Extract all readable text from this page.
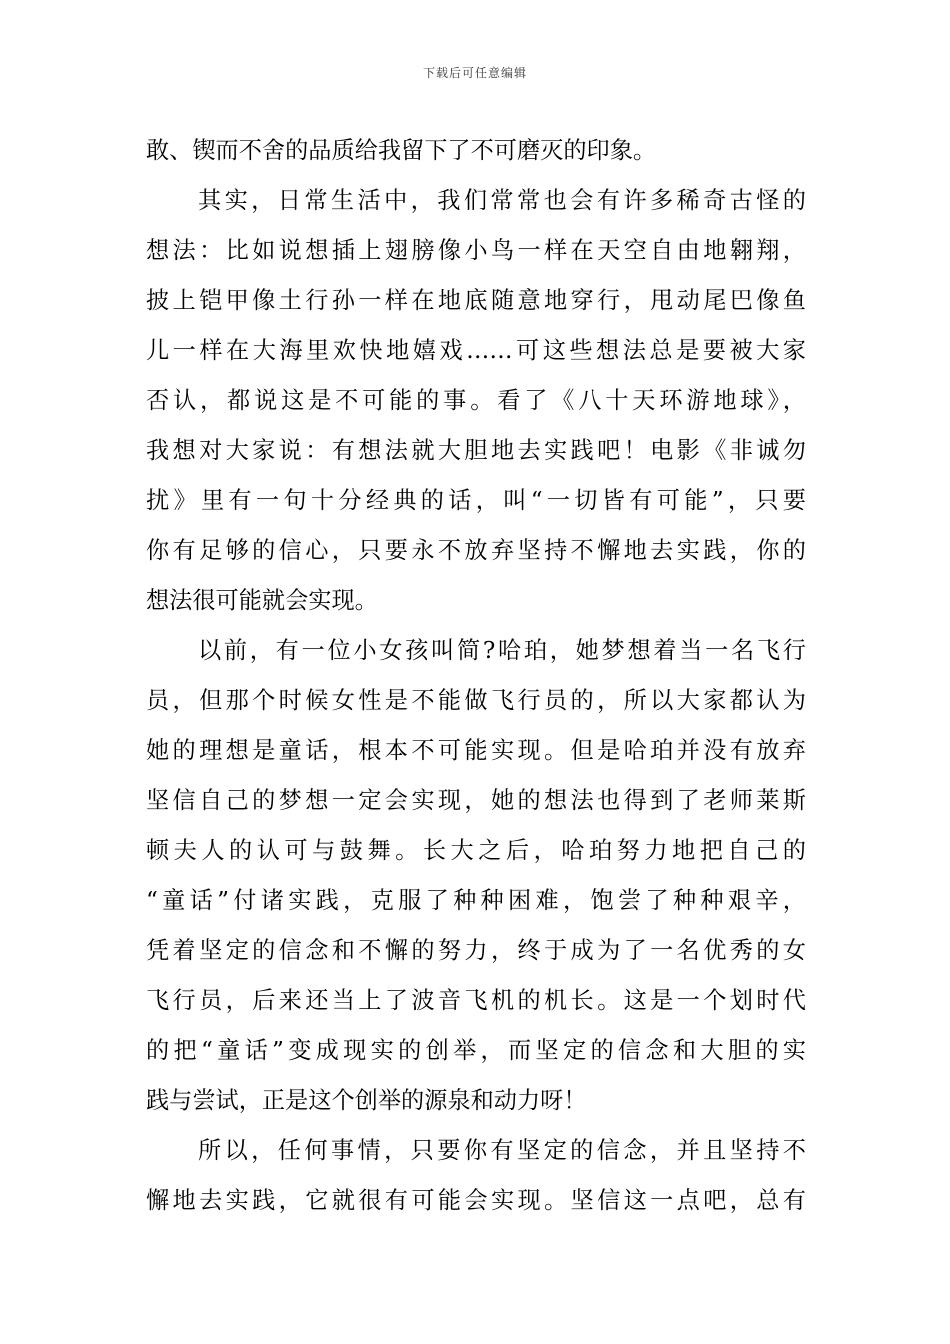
下载后可任意编辑
敢、锲而不舍的品质给我留下了不可磨灭的印象。
其实，日常生活中，我们常常也会有许多稀奇古怪的
想法：比如说想插上翅膀像小鸟一样在天空自由地翱翔，
披上铠甲像土行孙一样在地底随意地穿行，甩动尾巴像鱼
儿一样在大海里欢快地嬉戏……可这些想法总是要被大家
否认，都说这是不可能的事。看了《八十天环游地球》，
我想对大家说：有想法就大胆地去实践吧！电影《非诚勿
扰》里有一句十分经典的话，叫“一切皆有可能”，只要
你有足够的信心，只要永不放弃坚持不懈地去实践，你的
想法很可能就会实现。
以前，有一位小女孩叫简?哈珀，她梦想着当一名飞行
员，但那个时候女性是不能做飞行员的，所以大家都认为
她的理想是童话，根本不可能实现。但是哈珀并没有放弃
坚信自己的梦想一定会实现，她的想法也得到了老师莱斯
顿夫人的认可与鼓舞。长大之后，哈珀努力地把自己的
“童话”付诸实践，克服了种种困难，饱尝了种种艰辛，
凭着坚定的信念和不懈的努力，终于成为了一名优秀的女
飞行员，后来还当上了波音飞机的机长。这是一个划时代
的把“童话”变成现实的创举，而坚定的信念和大胆的实
践与尝试，正是这个创举的源泉和动力呀！
所以，任何事情，只要你有坚定的信念，并且坚持不
懈地去实践，它就很有可能会实现。坚信这一点吧，总有
